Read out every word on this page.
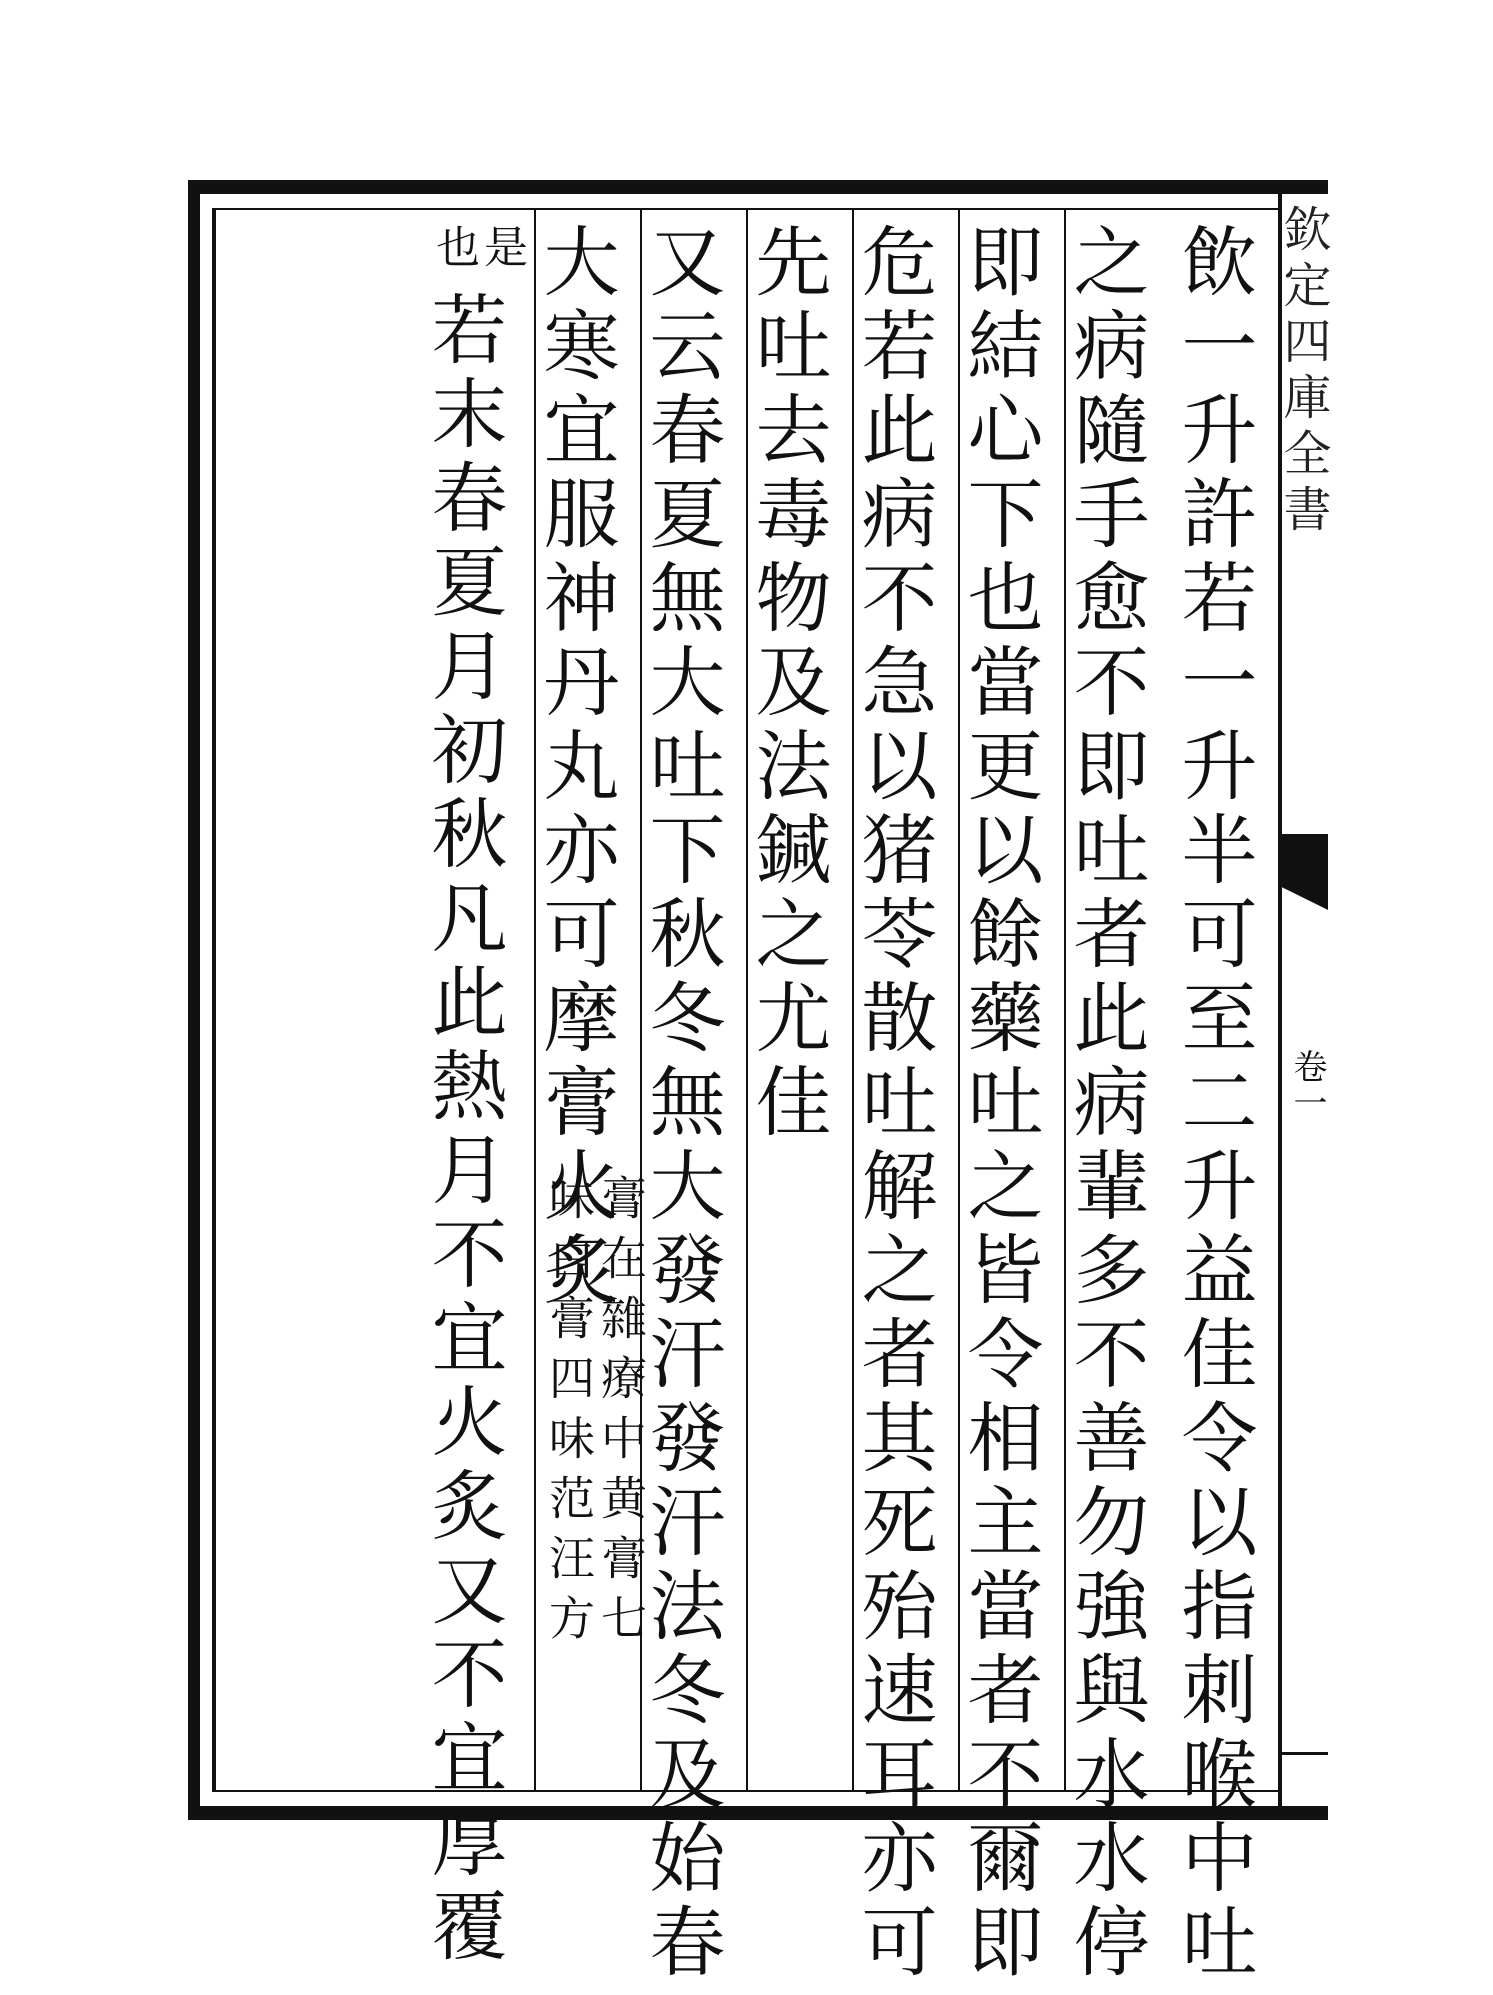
欽定四庫全書
卷一
飲一升許若一升半可至二升益佳令以指刺喉中吐
之病隨手愈不即吐者此病輩多不善勿強與水水停
即結心下也當更以餘藥吐之皆令相主當者不爾即
危若此病不急以猪苓散吐解之者其死殆速耳亦可
先吐去毒物及法鍼之尤佳
又云春夏無大吐下秋冬無大發汗發汗法冬及始春
大寒宜服神丹丸亦可摩膏火炙
膏在雜療中黄膏七
味白膏四味范汪方
是
也
若末春夏月初秋凡此熱月不宜火炙又不宜厚覆
